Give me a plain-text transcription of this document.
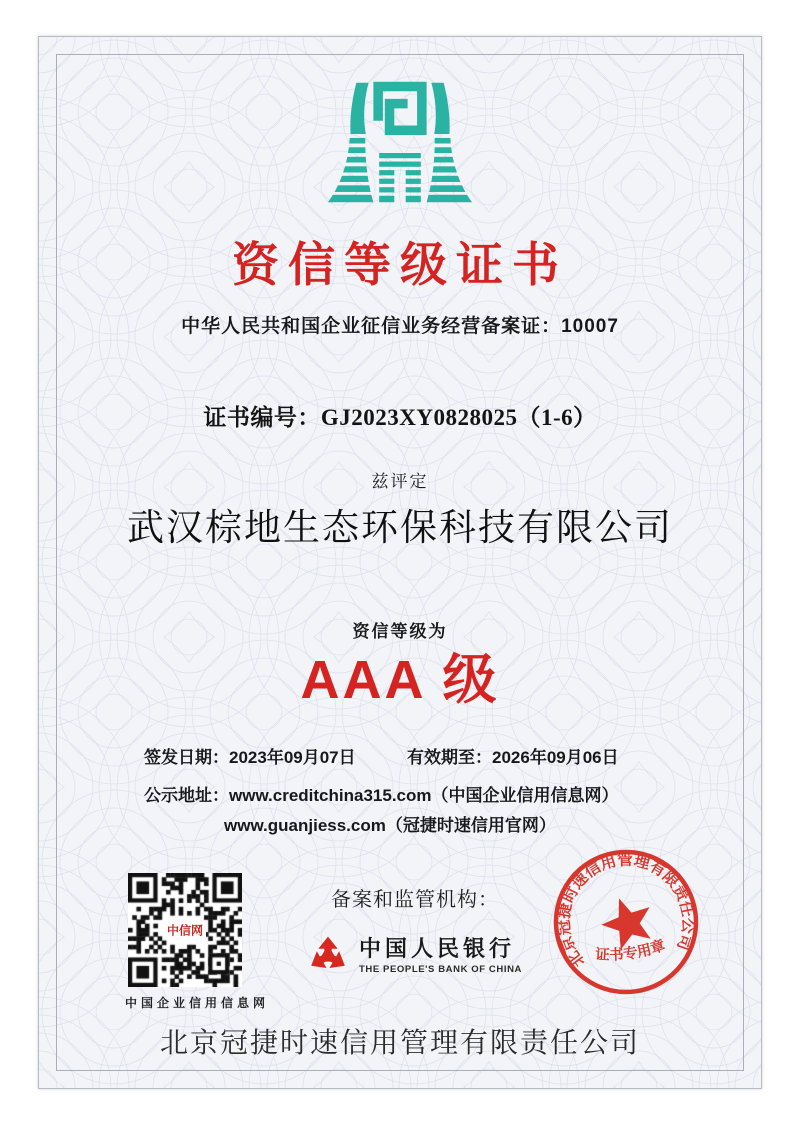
资信等级证书
中华人民共和国企业征信业务经营备案证：10007
证书编号：GJ2023XY0828025（1-6）
兹评定
武汉棕地生态环保科技有限公司
资信等级为
AAA 级
签发日期：2023年09月07日	有效期至：2026年09月06日
公示地址：www.creditchina315.com（中国企业信用信息网）
www.guanjiess.com（冠捷时速信用官网）
中信网
中国企业信用信息网
备案和监管机构：
中国人民银行
THE PEOPLE'S BANK OF CHINA	北京冠捷时速信用管理有限责任公司
证书专用章
北京冠捷时速信用管理有限责任公司
